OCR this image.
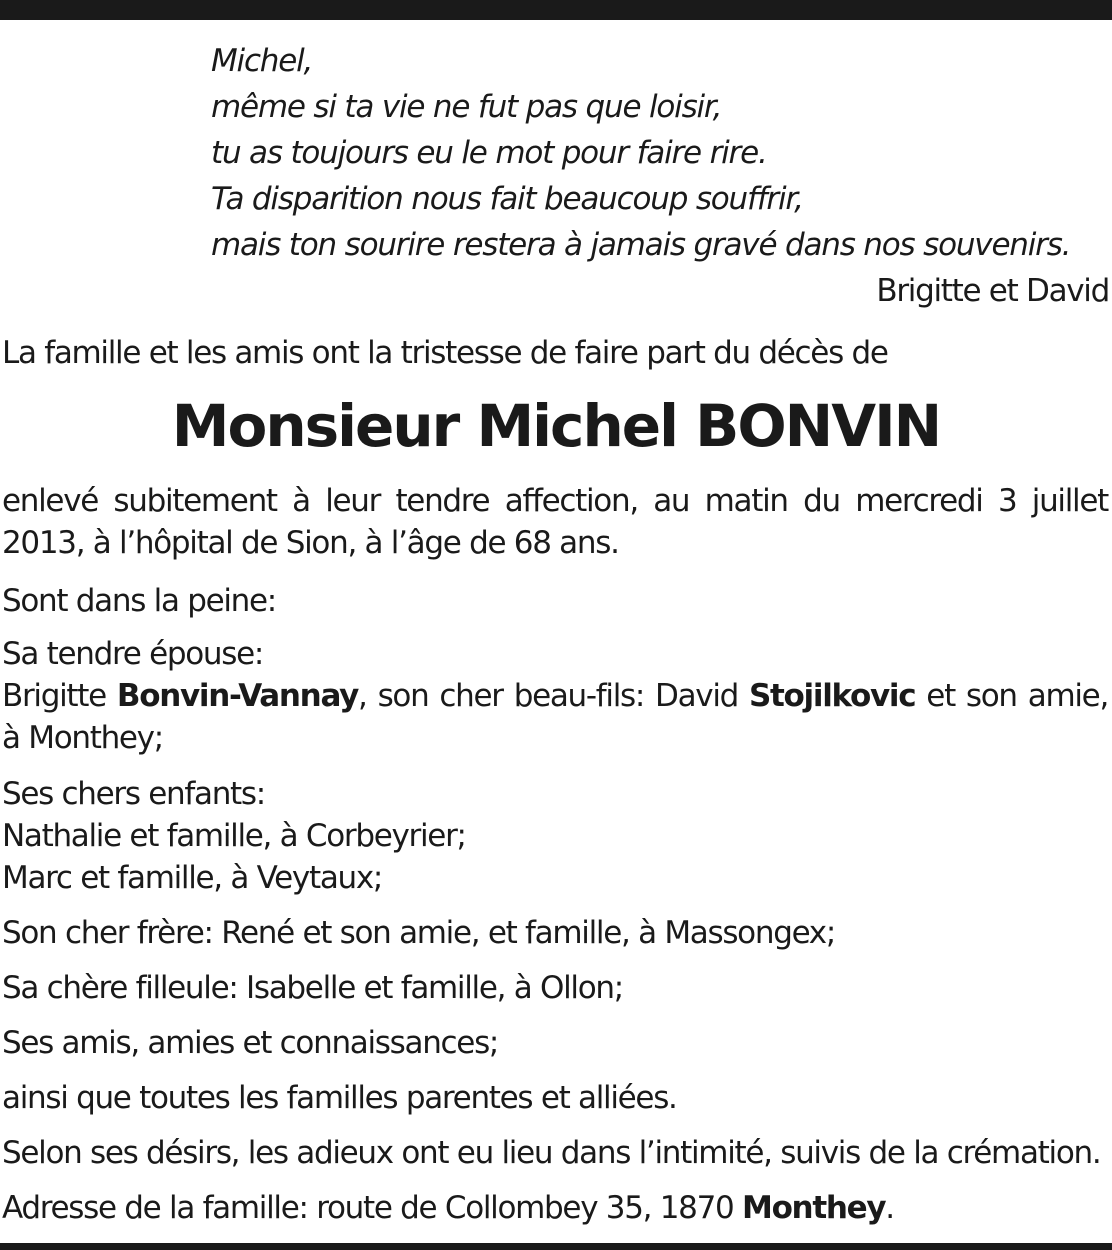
Michel,
même si ta vie ne fut pas que loisir,
tu as toujours eu le mot pour faire rire.
Ta disparition nous fait beaucoup souffrir,
mais ton sourire restera à jamais gravé dans nos souvenirs.
Brigitte et David
La famille et les amis ont la tristesse de faire part du décès de
Monsieur Michel BONVIN
enlevé subitement à leur tendre affection, au matin du mercredi 3 juillet 2013, à l’hôpital de Sion, à l’âge de 68 ans.
Sont dans la peine:
Sa tendre épouse:
Brigitte Bonvin-Vannay, son cher beau-fils: David Stojilkovic et son amie, à Monthey;
Ses chers enfants:
Nathalie et famille, à Corbeyrier;
Marc et famille, à Veytaux;
Son cher frère: René et son amie, et famille, à Massongex;
Sa chère filleule: Isabelle et famille, à Ollon;
Ses amis, amies et connaissances;
ainsi que toutes les familles parentes et alliées.
Selon ses désirs, les adieux ont eu lieu dans l’intimité, suivis de la crémation.
Adresse de la famille: route de Collombey 35, 1870 Monthey.
